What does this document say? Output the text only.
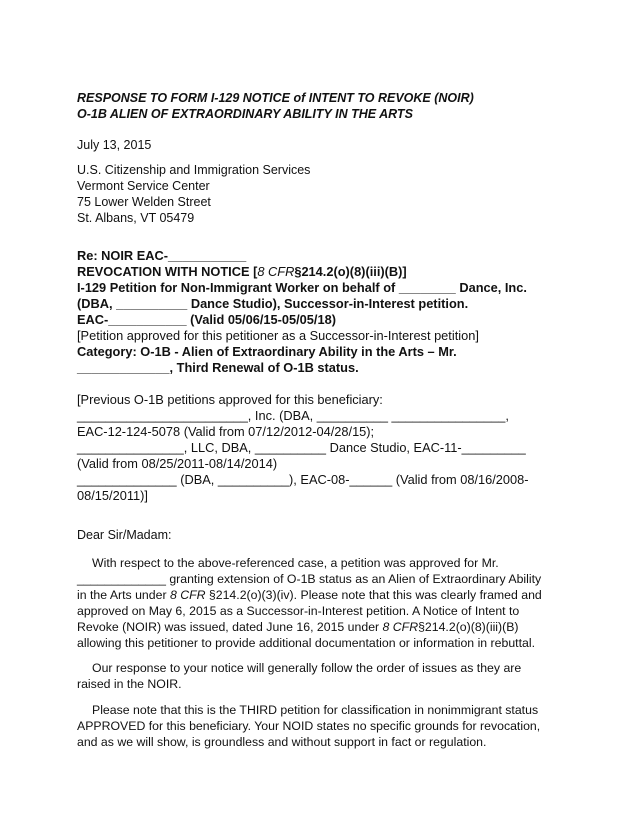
RESPONSE TO FORM I-129 NOTICE of INTENT TO REVOKE (NOIR)
O-1B ALIEN OF EXTRAORDINARY ABILITY IN THE ARTS
July 13, 2015
U.S. Citizenship and Immigration Services
Vermont Service Center
75 Lower Welden Street
St. Albans, VT 05479
Re: NOIR EAC-___________
REVOCATION WITH NOTICE [8 CFR§214.2(o)(8)(iii)(B)]
I-129 Petition for Non-Immigrant Worker on behalf of ________ Dance, Inc.
(DBA, __________ Dance Studio), Successor-in-Interest petition.
EAC-___________ (Valid 05/06/15-05/05/18)
[Petition approved for this petitioner as a Successor-in-Interest petition]
Category: O-1B - Alien of Extraordinary Ability in the Arts – Mr.
_____________, Third Renewal of O-1B status.
[Previous O-1B petitions approved for this beneficiary:
________________________, Inc. (DBA, __________ ________________,
EAC-12-124-5078 (Valid from 07/12/2012-04/28/15);
_______________, LLC, DBA, __________ Dance Studio, EAC-11-_________
(Valid from 08/25/2011-08/14/2014)
______________ (DBA, __________), EAC-08-______ (Valid from 08/16/2008-
08/15/2011)]
Dear Sir/Madam:
With respect to the above-referenced case, a petition was approved for Mr.
_____________ granting extension of O-1B status as an Alien of Extraordinary Ability
in the Arts under 8 CFR §214.2(o)(3)(iv). Please note that this was clearly framed and
approved on May 6, 2015 as a Successor-in-Interest petition. A Notice of Intent to
Revoke (NOIR) was issued, dated June 16, 2015 under 8 CFR§214.2(o)(8)(iii)(B)
allowing this petitioner to provide additional documentation or information in rebuttal.
Our response to your notice will generally follow the order of issues as they are
raised in the NOIR.
Please note that this is the THIRD petition for classification in nonimmigrant status
APPROVED for this beneficiary. Your NOID states no specific grounds for revocation,
and as we will show, is groundless and without support in fact or regulation.
